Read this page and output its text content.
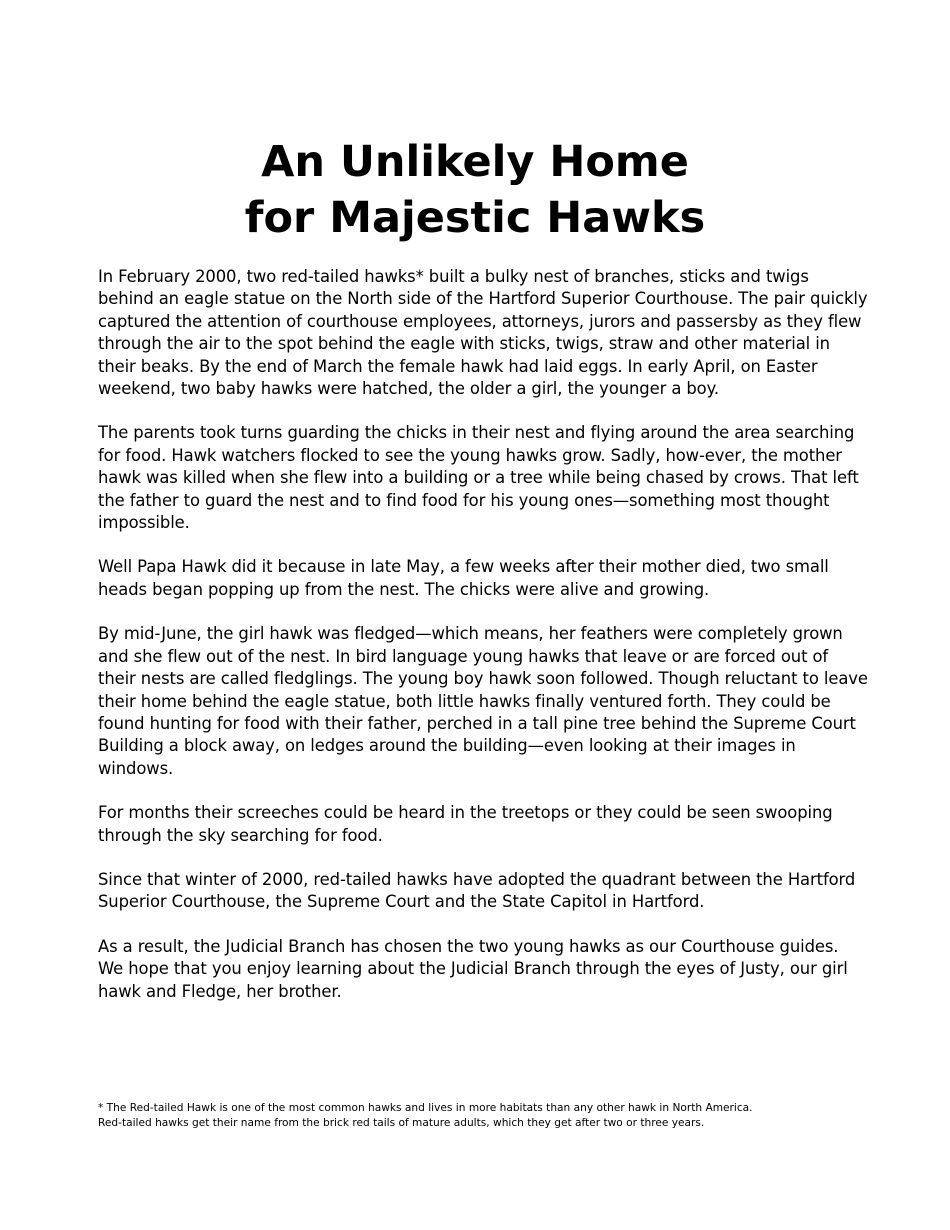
An Unlikely Home
for Majestic Hawks

In February 2000, two red-tailed hawks* built a bulky nest of branches, sticks and twigs behind an eagle statue on the North side of the Hartford Superior Courthouse. The pair quickly captured the attention of courthouse employees, attorneys, jurors and passersby as they flew through the air to the spot behind the eagle with sticks, twigs, straw and other material in their beaks. By the end of March the female hawk had laid eggs. In early April, on Easter weekend, two baby hawks were hatched, the older a girl, the younger a boy.

The parents took turns guarding the chicks in their nest and flying around the area searching for food. Hawk watchers flocked to see the young hawks grow. Sadly, how-ever, the mother hawk was killed when she flew into a building or a tree while being chased by crows. That left the father to guard the nest and to find food for his young ones—something most thought impossible.

Well Papa Hawk did it because in late May, a few weeks after their mother died, two small heads began popping up from the nest. The chicks were alive and growing.

By mid-June, the girl hawk was fledged—which means, her feathers were completely grown and she flew out of the nest. In bird language young hawks that leave or are forced out of their nests are called fledglings. The young boy hawk soon followed. Though reluctant to leave their home behind the eagle statue, both little hawks finally ventured forth. They could be found hunting for food with their father, perched in a tall pine tree behind the Supreme Court Building a block away, on ledges around the building—even looking at their images in windows.

For months their screeches could be heard in the treetops or they could be seen swooping through the sky searching for food.

Since that winter of 2000, red-tailed hawks have adopted the quadrant between the Hartford Superior Courthouse, the Supreme Court and the State Capitol in Hartford.

As a result, the Judicial Branch has chosen the two young hawks as our Courthouse guides. We hope that you enjoy learning about the Judicial Branch through the eyes of Justy, our girl hawk and Fledge, her brother.

* The Red-tailed Hawk is one of the most common hawks and lives in more habitats than any other hawk in North America.
Red-tailed hawks get their name from the brick red tails of mature adults, which they get after two or three years.
